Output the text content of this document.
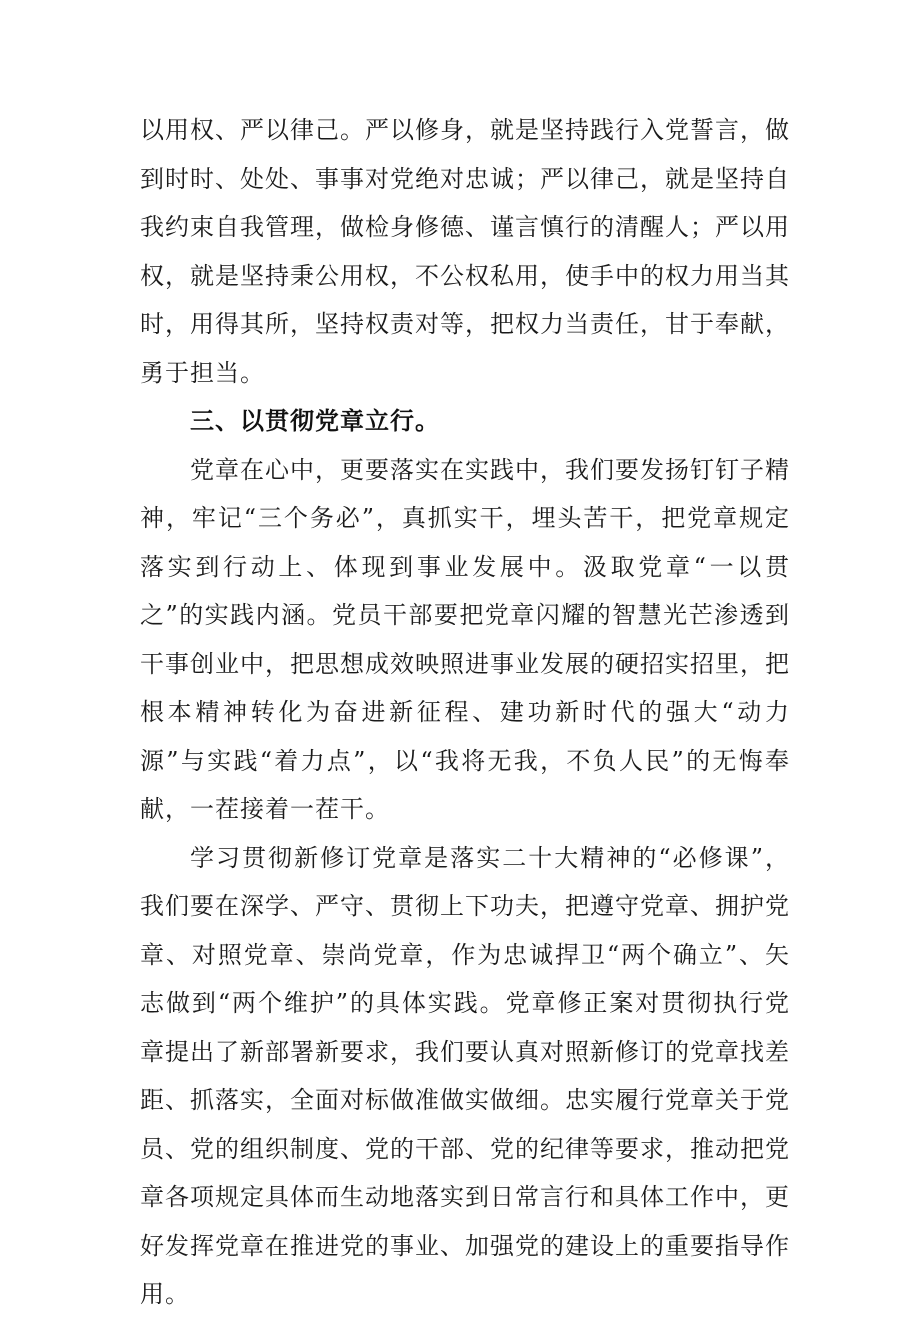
以用权、严以律己。严以修身，就是坚持践行入党誓言，做到时时、处处、事事对党绝对忠诚；严以律己，就是坚持自我约束自我管理，做检身修德、谨言慎行的清醒人；严以用权，就是坚持秉公用权，不公权私用，使手中的权力用当其时，用得其所，坚持权责对等，把权力当责任，甘于奉献，勇于担当。

三、以贯彻党章立行。

党章在心中，更要落实在实践中，我们要发扬钉钉子精神，牢记“三个务必”，真抓实干，埋头苦干，把党章规定落实到行动上、体现到事业发展中。汲取党章“一以贯之”的实践内涵。党员干部要把党章闪耀的智慧光芒渗透到干事创业中，把思想成效映照进事业发展的硬招实招里，把根本精神转化为奋进新征程、建功新时代的强大“动力源”与实践“着力点”，以“我将无我，不负人民”的无悔奉献，一茬接着一茬干。

学习贯彻新修订党章是落实二十大精神的“必修课”，我们要在深学、严守、贯彻上下功夫，把遵守党章、拥护党章、对照党章、崇尚党章，作为忠诚捍卫“两个确立”、矢志做到“两个维护”的具体实践。党章修正案对贯彻执行党章提出了新部署新要求，我们要认真对照新修订的党章找差距、抓落实，全面对标做准做实做细。忠实履行党章关于党员、党的组织制度、党的干部、党的纪律等要求，推动把党章各项规定具体而生动地落实到日常言行和具体工作中，更好发挥党章在推进党的事业、加强党的建设上的重要指导作用。
